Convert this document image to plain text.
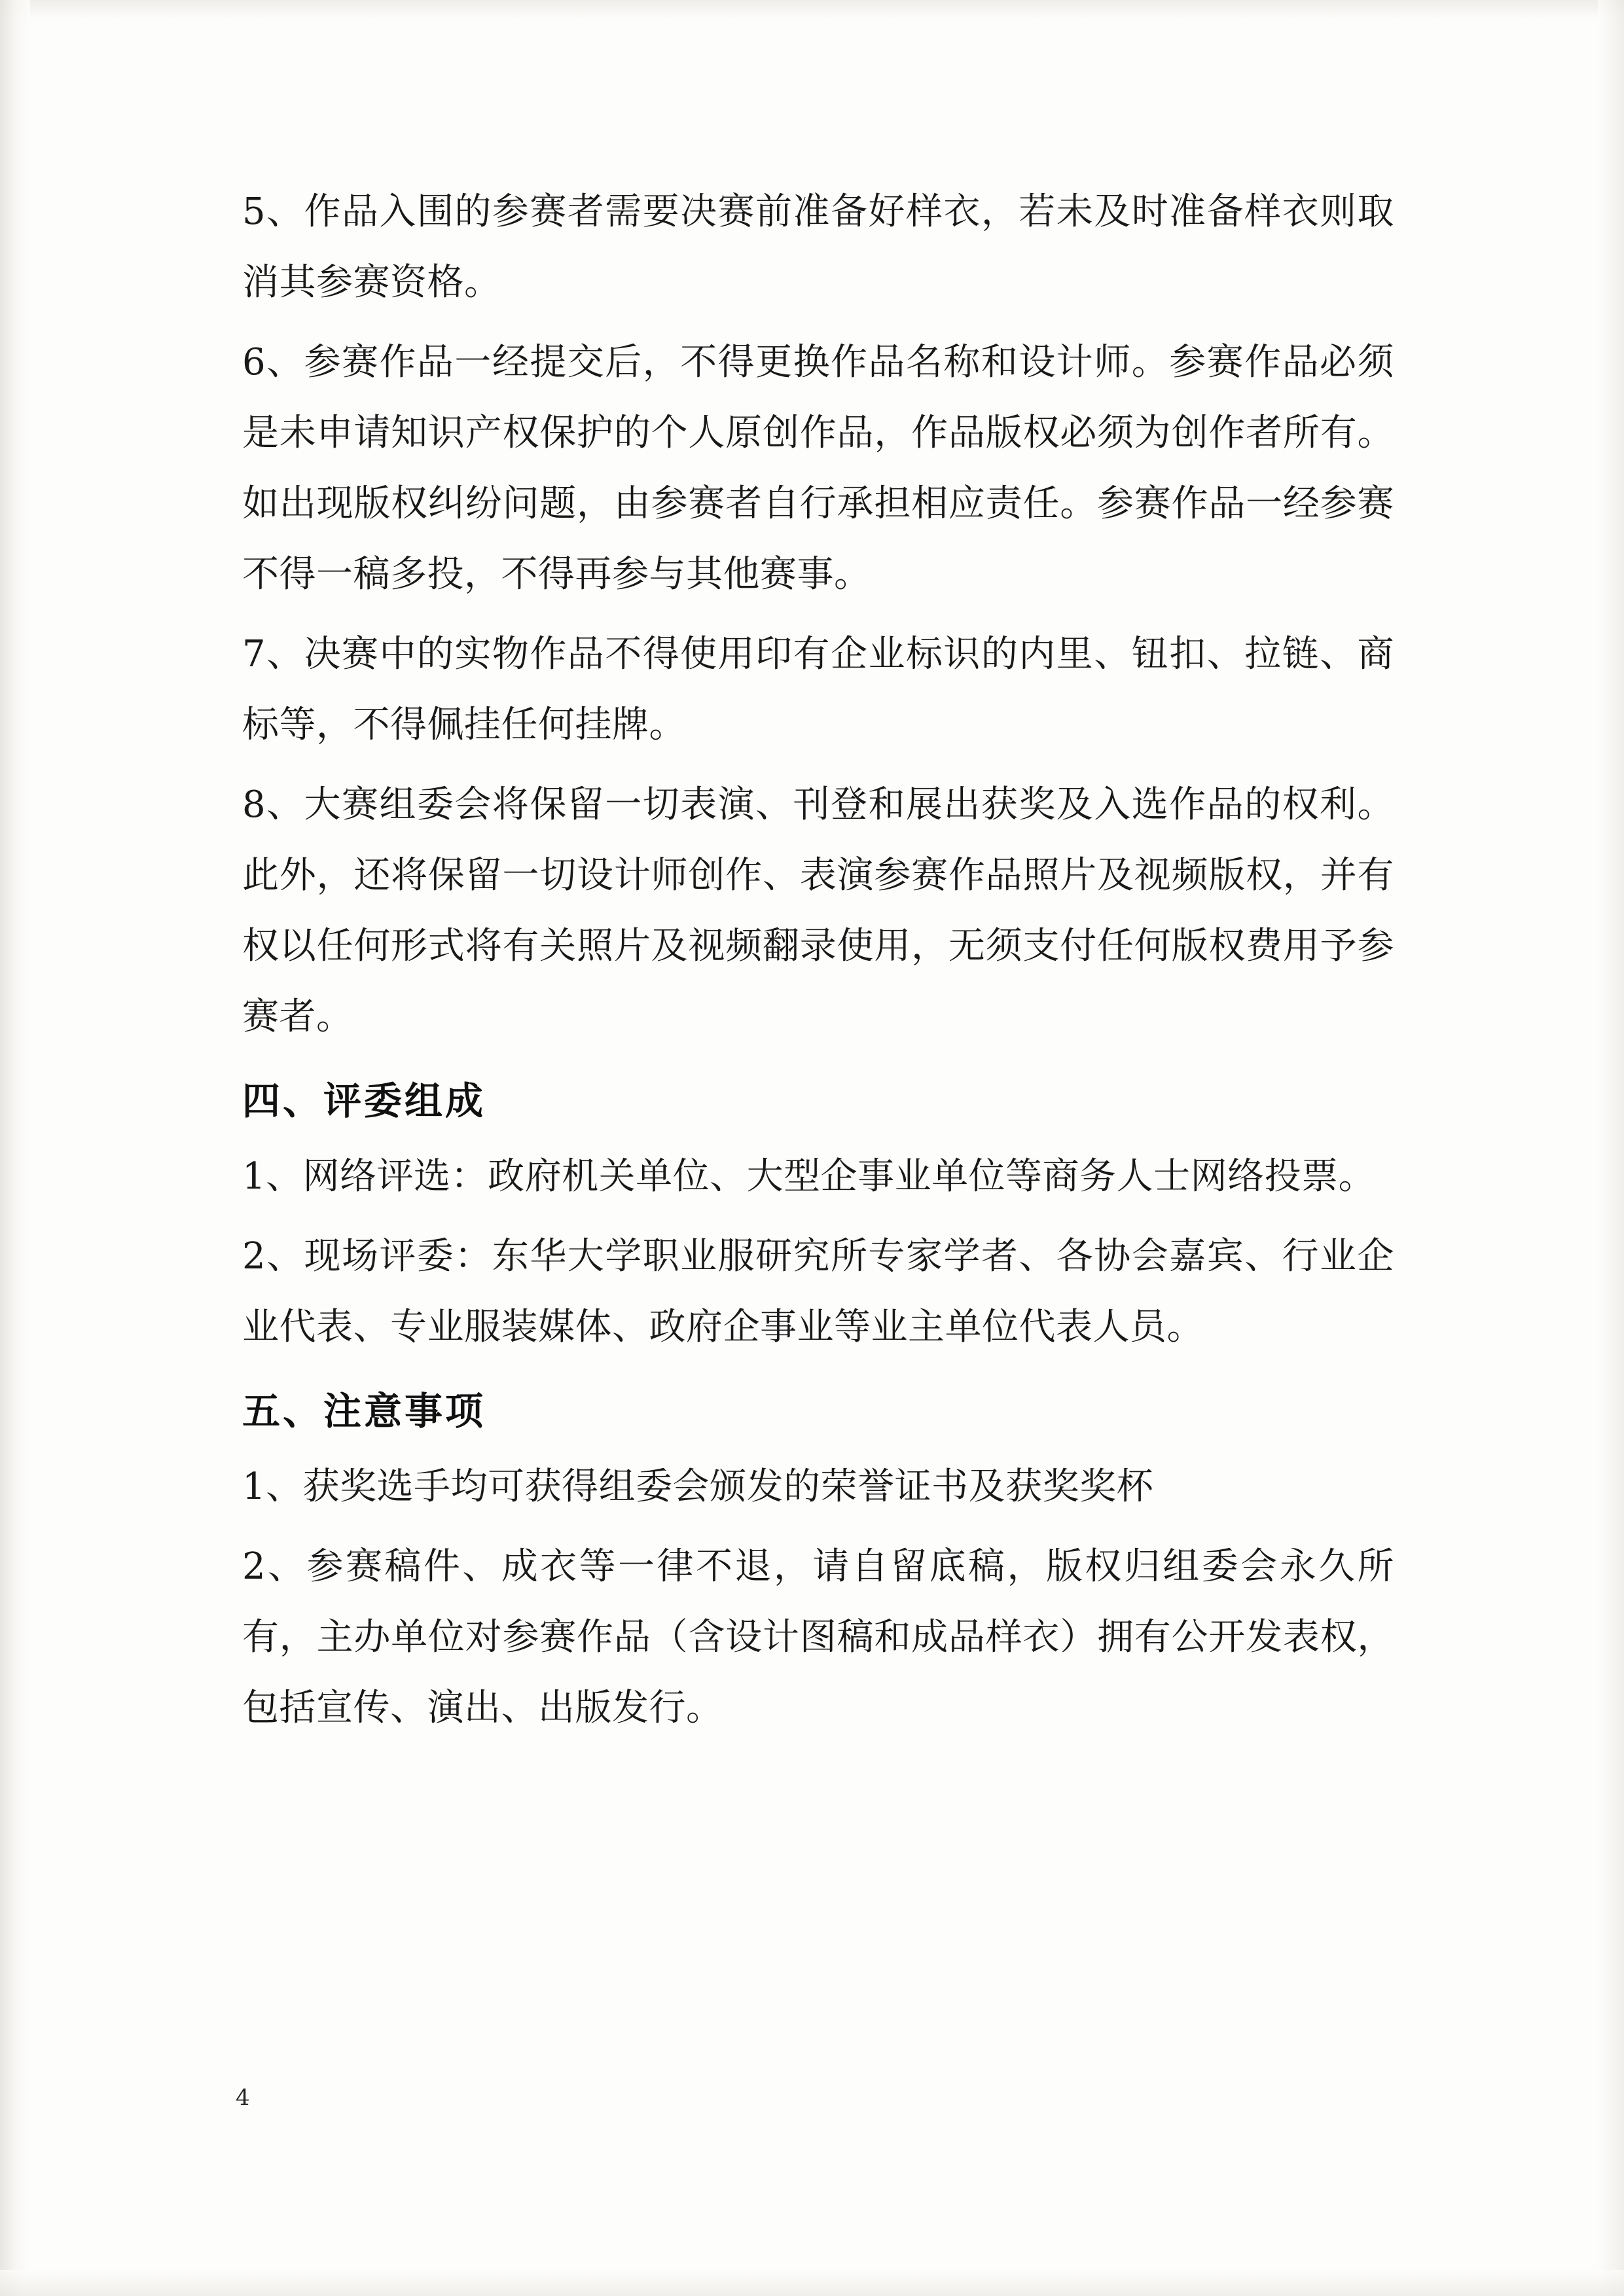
5、作品入围的参赛者需要决赛前准备好样衣，若未及时准备样衣则取消其参赛资格。

6、参赛作品一经提交后，不得更换作品名称和设计师。参赛作品必须是未申请知识产权保护的个人原创作品，作品版权必须为创作者所有。如出现版权纠纷问题，由参赛者自行承担相应责任。参赛作品一经参赛不得一稿多投，不得再参与其他赛事。

7、决赛中的实物作品不得使用印有企业标识的内里、钮扣、拉链、商标等，不得佩挂任何挂牌。

8、大赛组委会将保留一切表演、刊登和展出获奖及入选作品的权利。此外，还将保留一切设计师创作、表演参赛作品照片及视频版权，并有权以任何形式将有关照片及视频翻录使用，无须支付任何版权费用予参赛者。

四、评委组成

1、网络评选：政府机关单位、大型企事业单位等商务人士网络投票。

2、现场评委：东华大学职业服研究所专家学者、各协会嘉宾、行业企业代表、专业服装媒体、政府企事业等业主单位代表人员。

五、注意事项

1、获奖选手均可获得组委会颁发的荣誉证书及获奖奖杯

2、参赛稿件、成衣等一律不退，请自留底稿，版权归组委会永久所有，主办单位对参赛作品（含设计图稿和成品样衣）拥有公开发表权，包括宣传、演出、出版发行。

4
